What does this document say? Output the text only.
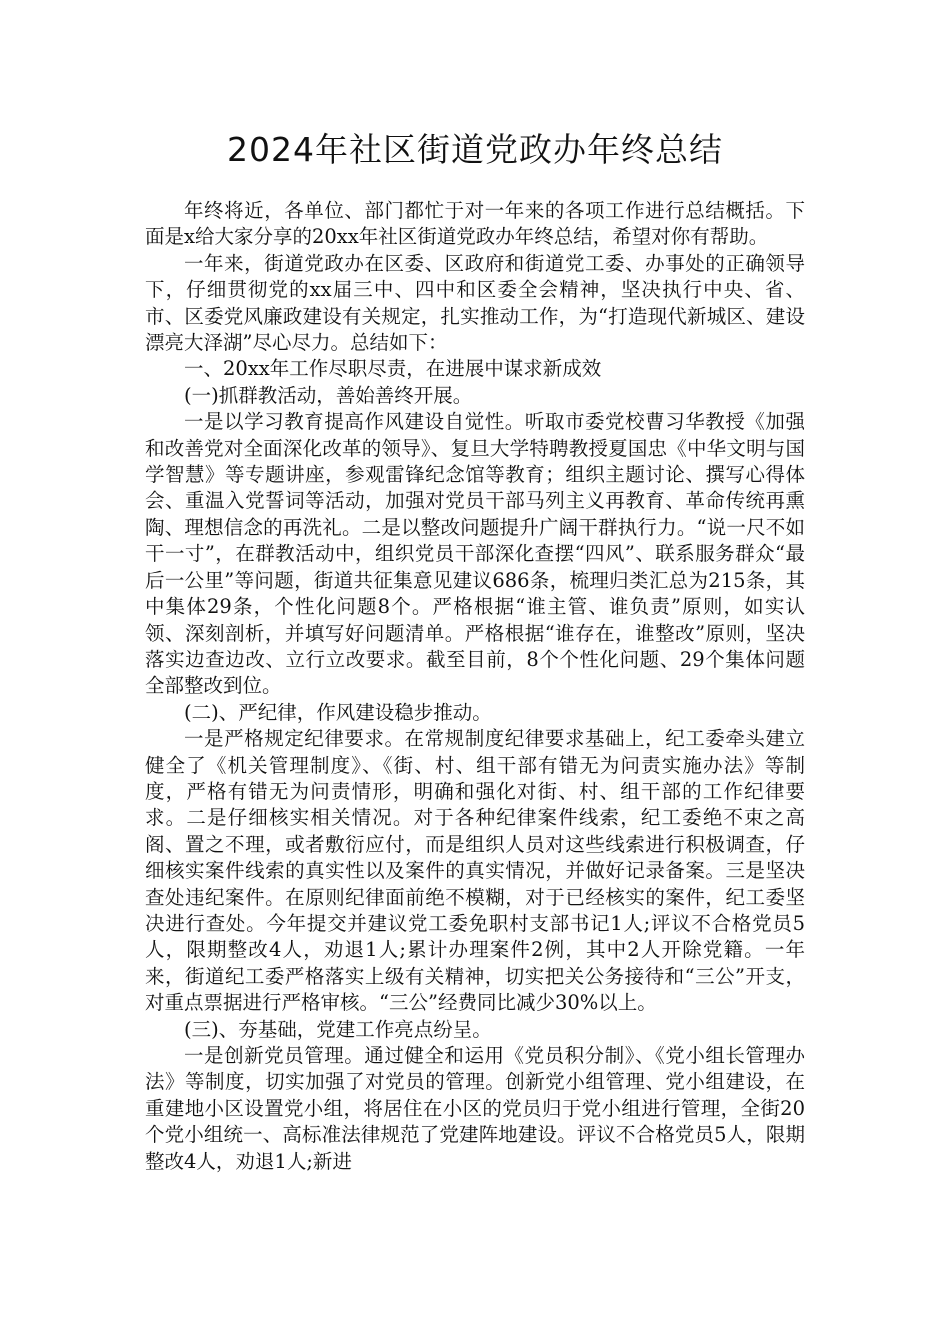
2024年社区街道党政办年终总结

年终将近，各单位、部门都忙于对一年来的各项工作进行总结概括。下面是x给大家分享的20xx年社区街道党政办年终总结，希望对你有帮助。

一年来，街道党政办在区委、区政府和街道党工委、办事处的正确领导下，仔细贯彻党的xx届三中、四中和区委全会精神，坚决执行中央、省、市、区委党风廉政建设有关规定，扎实推动工作，为“打造现代新城区、建设漂亮大泽湖”尽心尽力。总结如下：

一、20xx年工作尽职尽责，在进展中谋求新成效

(一)抓群教活动，善始善终开展。

一是以学习教育提高作风建设自觉性。听取市委党校曹习华教授《加强和改善党对全面深化改革的领导》、复旦大学特聘教授夏国忠《中华文明与国学智慧》等专题讲座，参观雷锋纪念馆等教育；组织主题讨论、撰写心得体会、重温入党誓词等活动，加强对党员干部马列主义再教育、革命传统再熏陶、理想信念的再洗礼。二是以整改问题提升广阔干群执行力。“说一尺不如干一寸”，在群教活动中，组织党员干部深化查摆“四风”、联系服务群众“最后一公里”等问题，街道共征集意见建议686条，梳理归类汇总为215条，其中集体29条，个性化问题8个。严格根据“谁主管、谁负责”原则，如实认领、深刻剖析，并填写好问题清单。严格根据“谁存在，谁整改”原则，坚决落实边查边改、立行立改要求。截至目前，8个个性化问题、29个集体问题全部整改到位。

(二)、严纪律，作风建设稳步推动。

一是严格规定纪律要求。在常规制度纪律要求基础上，纪工委牵头建立健全了《机关管理制度》、《街、村、组干部有错无为问责实施办法》等制度，严格有错无为问责情形，明确和强化对街、村、组干部的工作纪律要求。二是仔细核实相关情况。对于各种纪律案件线索，纪工委绝不束之高阁、置之不理，或者敷衍应付，而是组织人员对这些线索进行积极调查，仔细核实案件线索的真实性以及案件的真实情况，并做好记录备案。三是坚决查处违纪案件。在原则纪律面前绝不模糊，对于已经核实的案件，纪工委坚决进行查处。今年提交并建议党工委免职村支部书记1人;评议不合格党员5人，限期整改4人，劝退1人;累计办理案件2例，其中2人开除党籍。一年来，街道纪工委严格落实上级有关精神，切实把关公务接待和“三公”开支，对重点票据进行严格审核。“三公”经费同比减少30%以上。

(三)、夯基础，党建工作亮点纷呈。

一是创新党员管理。通过健全和运用《党员积分制》、《党小组长管理办法》等制度，切实加强了对党员的管理。创新党小组管理、党小组建设，在重建地小区设置党小组，将居住在小区的党员归于党小组进行管理，全街20个党小组统一、高标准法律规范了党建阵地建设。评议不合格党员5人，限期整改4人，劝退1人;新进
